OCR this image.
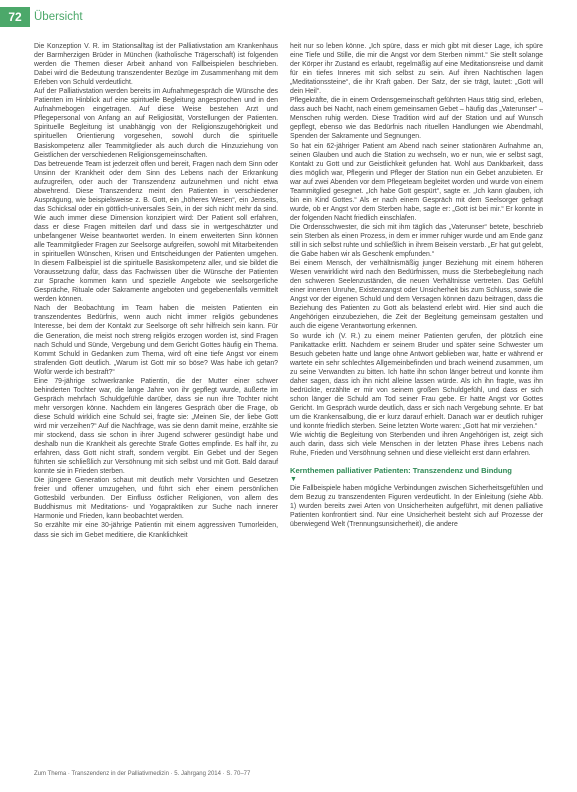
72	Übersicht

Die Konzeption V. R. im Stationsalltag ist der Palliativstation am Krankenhaus der Barmherzigen Brüder in München (katholische Trägerschaft) ist folgenden werden die Themen dieser Arbeit anhand von Fallbeispielen beschrieben. Dabei wird die Bedeutung transzendenter Bezüge im Zusammenhang mit dem Erleben von Schuld verdeutlicht.

Auf der Palliativstation werden bereits im Aufnahmegespräch die Wünsche des Patienten im Hinblick auf eine spirituelle Begleitung angesprochen und in den Aufnahmebogen eingetragen. Auf diese Weise bestehen Arzt und Pflegepersonal von Anfang an auf Religiosität, Vorstellungen der Patienten. Spirituelle Begleitung ist unabhängig von der Religionszugehörigkeit und spirituellen Orientierung vorgesehen, sowohl durch die spirituelle Basiskompetenz aller Teammitglieder als auch durch die Hinzuziehung von Geistlichen der verschiedenen Religionsgemeinschaften.

Das betreuende Team ist jederzeit offen und bereit, Fragen nach dem Sinn oder Unsinn der Krankheit oder dem Sinn des Lebens nach der Erkrankung aufzugreifen, oder auch der Transzendenz aufzunehmen und nicht etwa abwehrend. Diese Transzendenz meint den Patienten in verschiedener Ausprägung, wie beispielsweise z. B. Gott, ein „höheres Wesen“, ein Jenseits, das Schicksal oder ein göttlich-universales Sein, in der sich nicht mehr da sind. Wie auch immer diese Dimension konzipiert wird: Der Patient soll erfahren, dass er diese Fragen mitteilen darf und dass sie in wertgeschätzter und unbefangener Weise beantwortet werden. In einem erweiterten Sinn können alle Teammitglieder Fragen zur Seelsorge aufgreifen, sowohl mit Mitarbeitenden in spirituellen Wünschen, Krisen und Entscheidungen der Patienten umgehen. In diesem Fallbeispiel ist die spirituelle Basiskompetenz aller, und sie bildet die Voraussetzung dafür, dass das Fachwissen über die Wünsche der Patienten zur Sprache kommen kann und spezielle Angebote wie seelsorgerliche Gespräche, Rituale oder Sakramente angeboten und gegebenenfalls vermittelt werden können.

Nach der Beobachtung im Team haben die meisten Patienten ein transzendentes Bedürfnis, wenn auch nicht immer religiös gebundenes Interesse, bei dem der Kontakt zur Seelsorge oft sehr hilfreich sein kann. Für die Generation, die meist noch streng religiös erzogen worden ist, sind Fragen nach Schuld und Sünde, Vergebung und dem Gericht Gottes häufig ein Thema. Kommt Schuld in Gedanken zum Thema, wird oft eine tiefe Angst vor einem strafenden Gott deutlich. „Warum ist Gott mir so böse? Was habe ich getan? Wofür werde ich bestraft?“

Eine 79-jährige schwerkranke Patientin, die der Mutter einer schwer behinderten Tochter war, die lange Jahre von ihr gepflegt wurde, äußerte im Gespräch mehrfach Schuldgefühle darüber, dass sie nun ihre Tochter nicht mehr versorgen könne. Nachdem ein längeres Gespräch über die Frage, ob diese Schuld wirklich eine Schuld sei, fragte sie: „Meinen Sie, der liebe Gott wird mir verzeihen?“ Auf die Nachfrage, was sie denn damit meine, erzählte sie mir stockend, dass sie schon in ihrer Jugend schwerer gesündigt habe und deshalb nun die Krankheit als gerechte Strafe Gottes empfinde. Es half ihr, zu erfahren, dass Gott nicht straft, sondern vergibt. Ein Gebet und der Segen führten sie schließlich zur Versöhnung mit sich selbst und mit Gott. Bald darauf konnte sie in Frieden sterben.

Die jüngere Generation schaut mit deutlich mehr Vorsichten und Gesetzen freier und offener umzugehen, und führt sich eher einem persönlichen Gottesbild verbunden. Der Einfluss östlicher Religionen, von allem des Buddhismus mit Meditations- und Yogapraktiken zur Suche nach innerer Harmonie und Frieden, kann beobachtet werden.

So erzählte mir eine 30-jährige Patientin mit einem aggressiven Tumorleiden, dass sie sich im Gebet meditiere, die Kranklichkeit

heit nur so leben könne. „Ich spüre, dass er mich gibt mit dieser Lage, ich spüre eine Tiefe und Stille, die mir die Angst vor dem Sterben nimmt.“ Sie stellt solange der Körper ihr Zustand es erlaubt, regelmäßig auf eine Meditationsreise und damit für ein tiefes Inneres mit sich selbst zu sein. Auf ihren Nachtischen lagen „Meditationssteine“, die ihr Kraft gaben. Der Satz, der sie trägt, lautet: „Gott will dein Heil“.

Pflegekräfte, die in einem Ordensgemeinschaft geführten Haus tätig sind, erleben, dass auch bei Nacht, nach einem gemeinsamen Gebet – häufig das „Vaterunser“ – Menschen ruhig werden. Diese Tradition wird auf der Station und auf Wunsch gepflegt, ebenso wie das Bedürfnis nach rituellen Handlungen wie Abendmahl, Spenden der Sakramente und Segnungen.

So hat ein 62-jähriger Patient am Abend nach seiner stationären Aufnahme an, seinen Glauben und auch die Station zu wechseln, wo er nun, wie er selbst sagt, Kontakt zu Gott und zur Geistlichkeit gefunden hat. Wohl aus Dankbarkeit, dass dies möglich war, Pflegerin und Pfleger der Station nun ein Gebet anzubieten. Er war auf zwei Abenden vor dem Pflegeteam begleitet worden und wurde von einem Teammitglied gesegnet. „Ich habe Gott gespürt“, sagte er. „Ich kann glauben, ich bin ein Kind Gottes.“ Als er nach einem Gespräch mit dem Seelsorger gefragt wurde, ob er Angst vor dem Sterben habe, sagte er: „Gott ist bei mir.“ Er konnte in der folgenden Nacht friedlich einschlafen.

Die Ordensschwester, die sich mit ihm täglich das „Vaterunser“ betete, beschrieb sein Sterben als einen Prozess, in dem er immer ruhiger wurde und am Ende ganz still in sich selbst ruhte und schließlich in ihrem Beisein verstarb. „Er hat gut gelebt, die Gabe haben wir als Geschenk empfunden.“

Bei einem Mensch, der verhältnismäßig junger Beziehung mit einem höheren Wesen verwirklicht wird nach den Bedürfnissen, muss die Sterbebegleitung nach den schweren Seelenzuständen, die neuen Verhältnisse vertreten. Das Gefühl einer inneren Unruhe, Existenzangst oder Unsicherheit bis zum Schluss, sowie die Angst vor der eigenen Schuld und dem Versagen können dazu beitragen, dass die Beziehung des Patienten zu Gott als belastend erlebt wird. Hier sind auch die Angehörigen einzubeziehen, die Zeit der Begleitung gemeinsam gestalten und auch die eigene Verantwortung erkennen.

So wurde ich (V. R.) zu einem meiner Patienten gerufen, der plötzlich eine Panikattacke erlitt. Nachdem er seinem Bruder und später seine Schwester um Besuch gebeten hatte und lange ohne Antwort geblieben war, hatte er während er wartete ein sehr schlechtes Allgemeinbefinden und brach weinend zusammen, um zu seine Verwandten zu bitten. Ich hatte ihn schon länger betreut und konnte ihm daher sagen, dass ich ihn nicht alleine lassen würde. Als ich ihn fragte, was ihn bedrückte, erzählte er mir von seinem großen Schuldgefühl, und dass er sich schon länger die Schuld am Tod seiner Frau gebe. Er hatte Angst vor Gottes Gericht. Im Gespräch wurde deutlich, dass er sich nach Vergebung sehnte. Er bat um die Krankensalbung, die er kurz darauf erhielt. Danach war er deutlich ruhiger und konnte friedlich sterben. Seine letzten Worte waren: „Gott hat mir verziehen.“

Wie wichtig die Begleitung von Sterbenden und ihren Angehörigen ist, zeigt sich auch darin, dass sich viele Menschen in der letzten Phase ihres Lebens nach Ruhe, Frieden und Versöhnung sehnen und diese vielleicht erst dann erfahren.

Kernthemen palliativer Patienten: Transzendenz und Bindung

▼

Die Fallbeispiele haben mögliche Verbindungen zwischen Sicherheitsgefühlen und dem Bezug zu transzendenten Figuren verdeutlicht. In der Einleitung (siehe Abb. 1) wurden bereits zwei Arten von Unsicherheiten aufgeführt, mit denen palliative Patienten konfrontiert sind. Nur eine Unsicherheit besteht sich auf Prozesse der überwiegend Welt (Trennungsunsicherheit), die andere

Zum Thema · Transzendenz in der Palliativmedizin · 5. Jahrgang 2014 · S. 70–77
